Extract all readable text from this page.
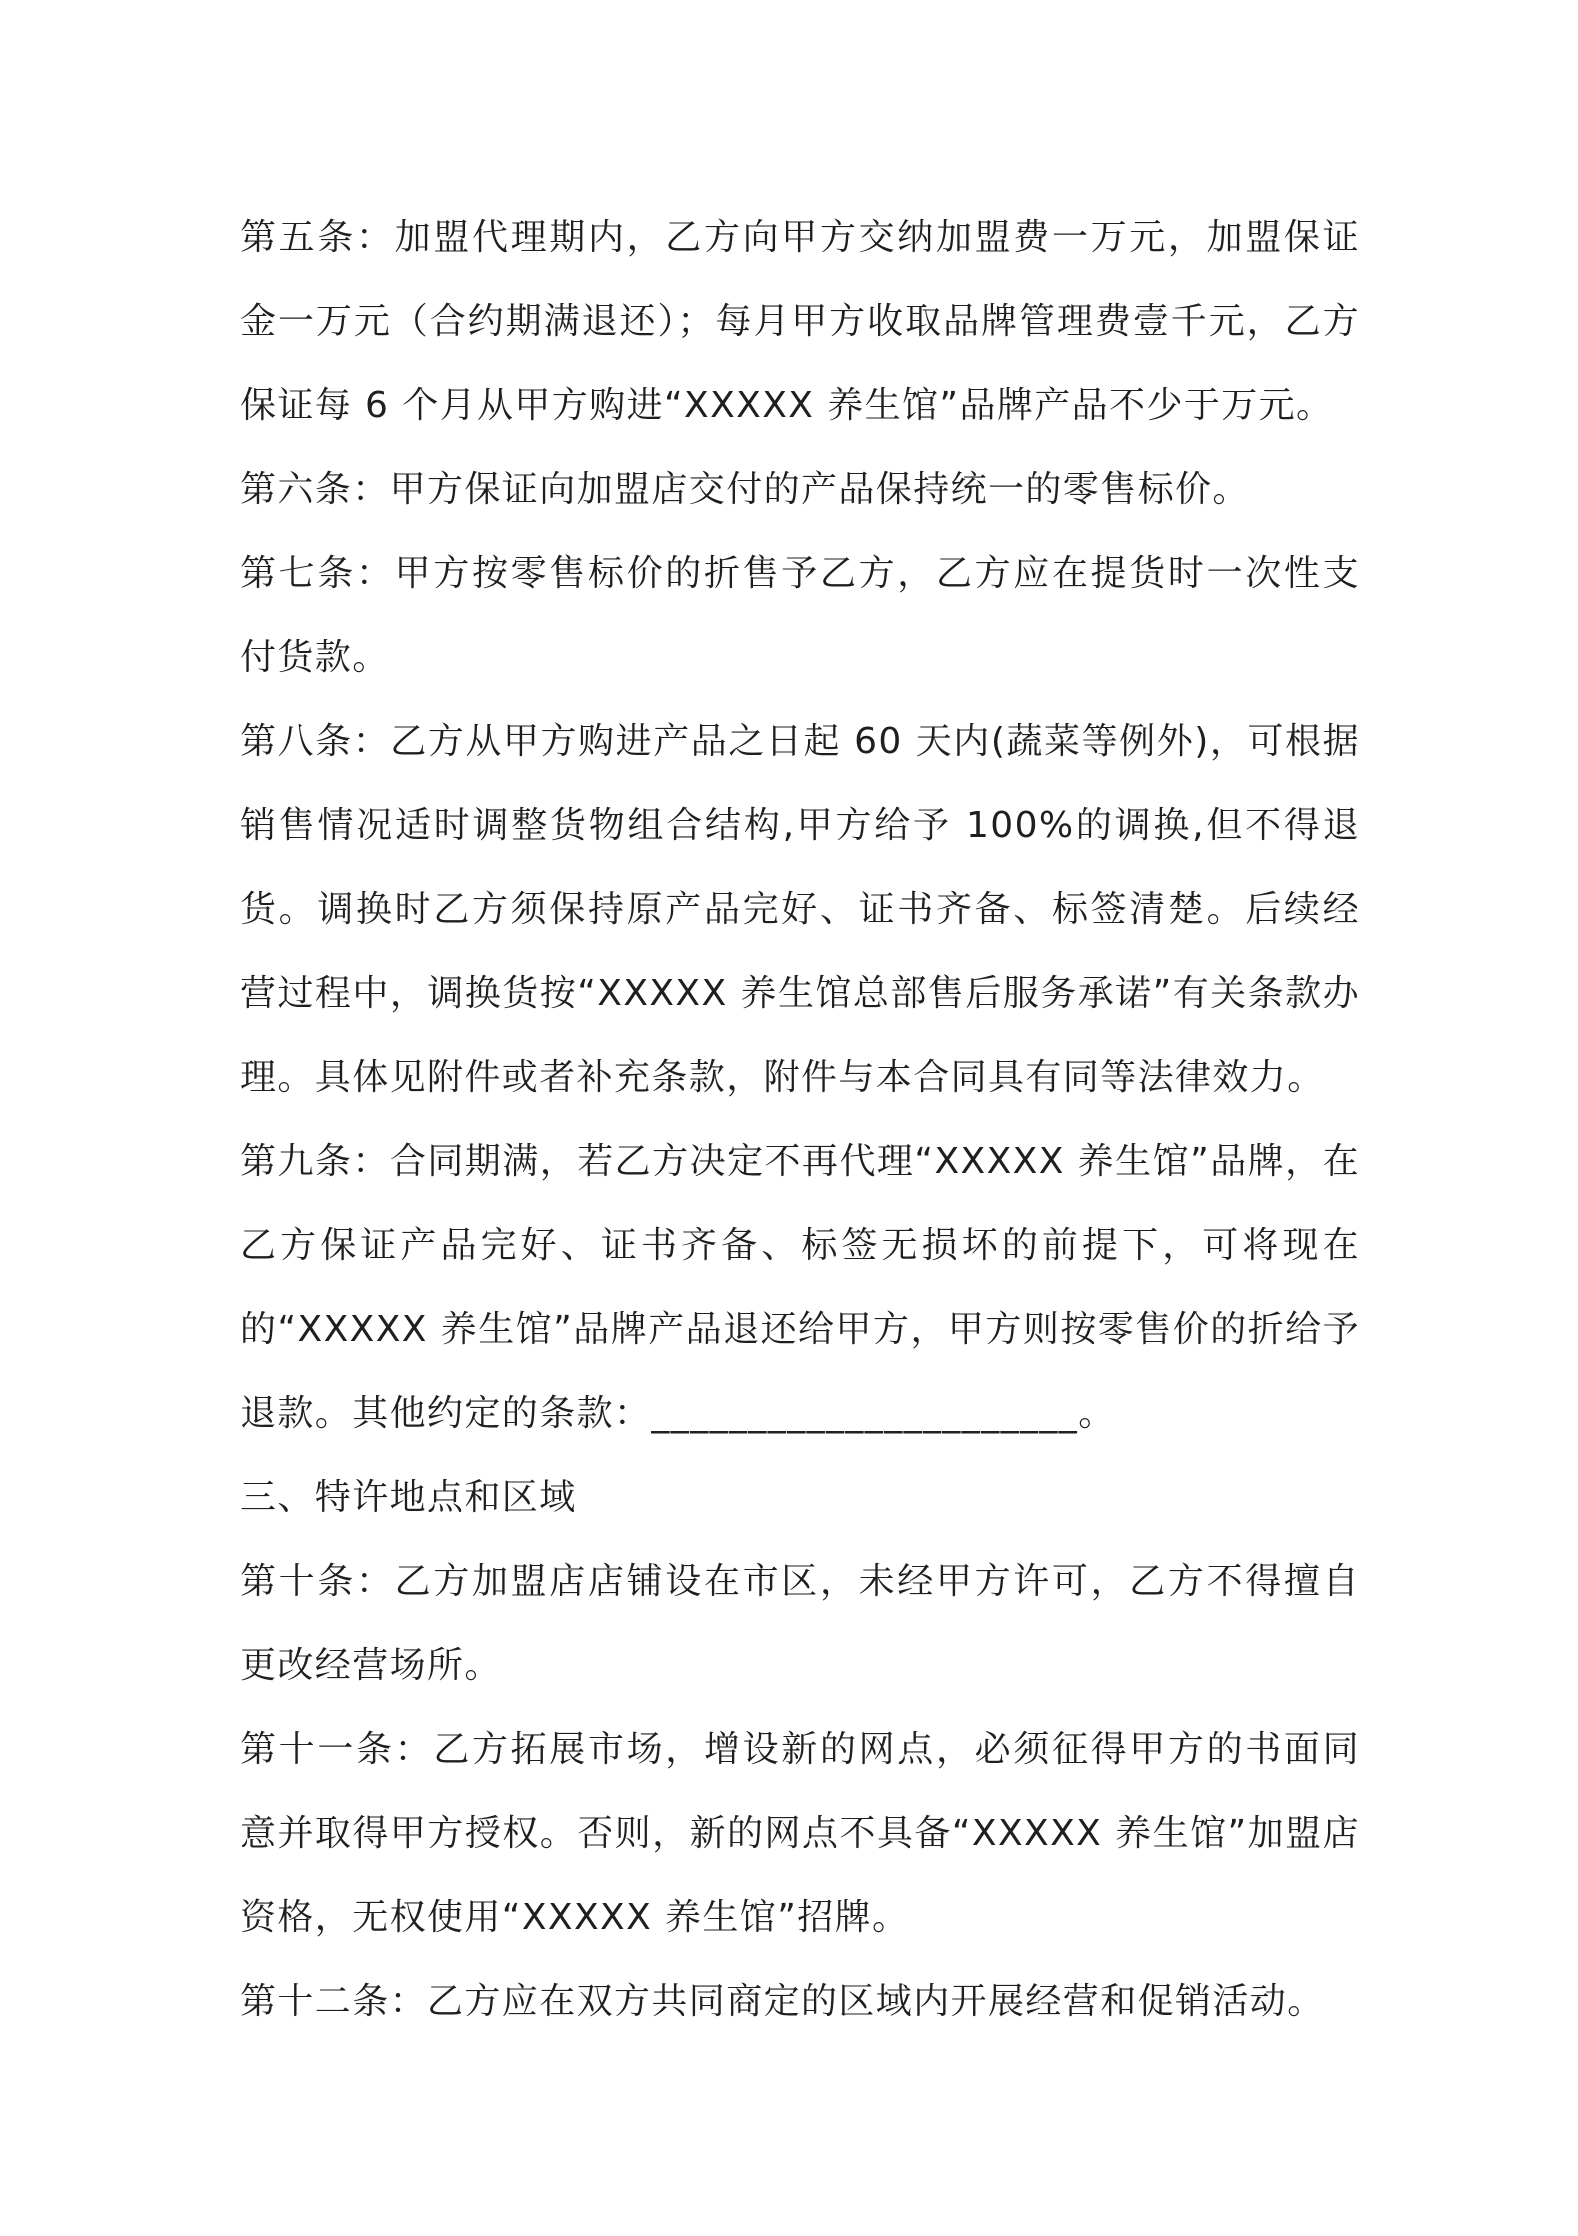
第五条：加盟代理期内，乙方向甲方交纳加盟费一万元，加盟保证金一万元（合约期满退还）；每月甲方收取品牌管理费壹千元，乙方保证每 6 个月从甲方购进“XXXXX 养生馆”品牌产品不少于万元。

第六条：甲方保证向加盟店交付的产品保持统一的零售标价。

第七条：甲方按零售标价的折售予乙方，乙方应在提货时一次性支付货款。

第八条：乙方从甲方购进产品之日起 60 天内(蔬菜等例外)，可根据销售情况适时调整货物组合结构,甲方给予 100%的调换,但不得退货。调换时乙方须保持原产品完好、证书齐备、标签清楚。后续经营过程中，调换货按“XXXXX 养生馆总部售后服务承诺”有关条款办理。具体见附件或者补充条款，附件与本合同具有同等法律效力。

第九条：合同期满，若乙方决定不再代理“XXXXX 养生馆”品牌，在乙方保证产品完好、证书齐备、标签无损坏的前提下，可将现在的“XXXXX 养生馆”品牌产品退还给甲方，甲方则按零售价的折给予退款。其他约定的条款：______________________。

三、特许地点和区域

第十条：乙方加盟店店铺设在市区，未经甲方许可，乙方不得擅自更改经营场所。

第十一条：乙方拓展市场，增设新的网点，必须征得甲方的书面同意并取得甲方授权。否则，新的网点不具备“XXXXX 养生馆”加盟店资格，无权使用“XXXXX 养生馆”招牌。

第十二条：乙方应在双方共同商定的区域内开展经营和促销活动。
